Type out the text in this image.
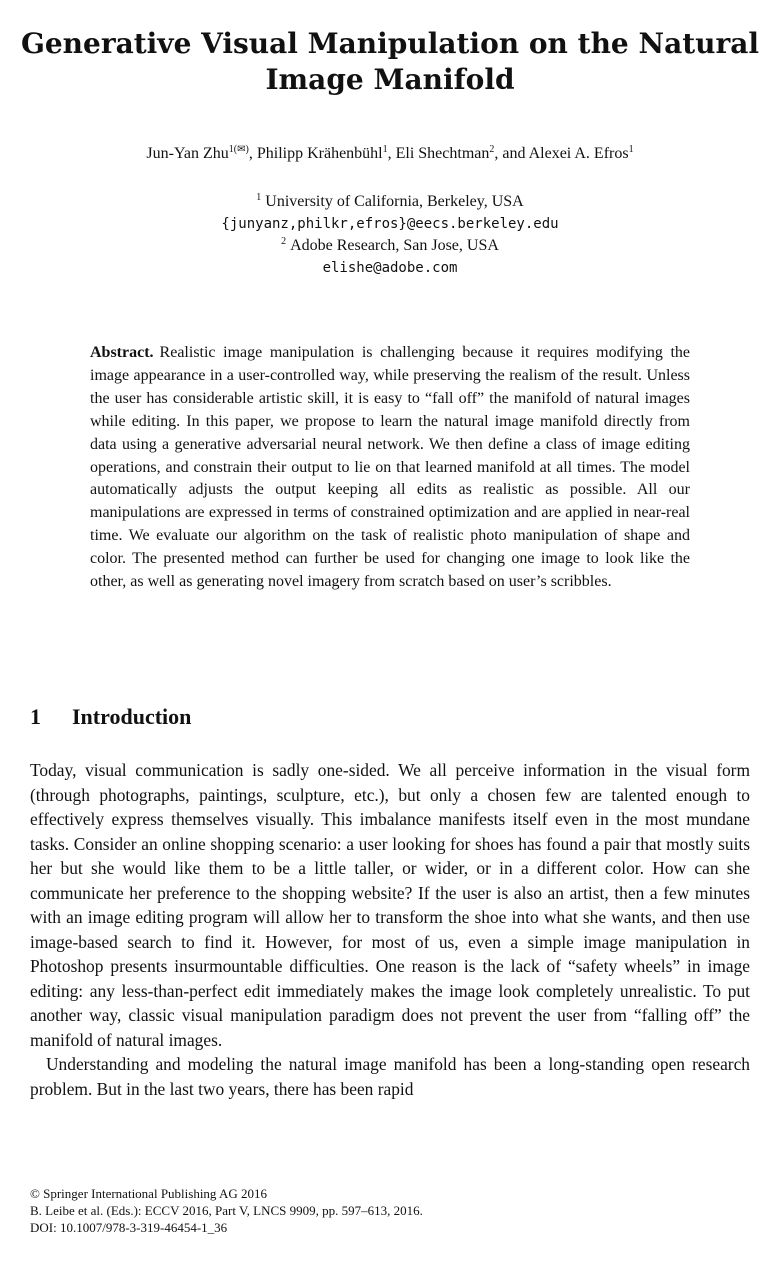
Generative Visual Manipulation on the Natural
Image Manifold
Jun-Yan Zhu$^{1(✉)}$, Philipp Krähenbühl$^1$, Eli Shechtman$^2$, and Alexei A. Efros$^1$
$^1$ University of California, Berkeley, USA
{junyanz,philkr,efros}@eecs.berkeley.edu
$^2$ Adobe Research, San Jose, USA
elishe@adobe.com
Abstract. Realistic image manipulation is challenging because it requires modifying the image appearance in a user-controlled way, while preserving the realism of the result. Unless the user has considerable artistic skill, it is easy to “fall off” the manifold of natural images while editing. In this paper, we propose to learn the natural image manifold directly from data using a generative adversarial neural network. We then define a class of image editing operations, and constrain their output to lie on that learned manifold at all times. The model automatically adjusts the output keeping all edits as realistic as possible. All our manipulations are expressed in terms of constrained optimization and are applied in near-real time. We evaluate our algorithm on the task of realistic photo manipulation of shape and color. The presented method can further be used for changing one image to look like the other, as well as generating novel imagery from scratch based on user’s scribbles.
1 Introduction

Today, visual communication is sadly one-sided. We all perceive information in the visual form (through photographs, paintings, sculpture, etc.), but only a chosen few are talented enough to effectively express themselves visually. This imbalance manifests itself even in the most mundane tasks. Consider an online shopping scenario: a user looking for shoes has found a pair that mostly suits her but she would like them to be a little taller, or wider, or in a different color. How can she communicate her preference to the shopping website? If the user is also an artist, then a few minutes with an image editing program will allow her to transform the shoe into what she wants, and then use image-based search to find it. However, for most of us, even a simple image manipulation in Photoshop presents insurmountable difficulties. One reason is the lack of “safety wheels” in image editing: any less-than-perfect edit immediately makes the image look completely unrealistic. To put another way, classic visual manipulation paradigm does not prevent the user from “falling off” the manifold of natural images.

Understanding and modeling the natural image manifold has been a long-standing open research problem. But in the last two years, there has been rapid

© Springer International Publishing AG 2016
B. Leibe et al. (Eds.): ECCV 2016, Part V, LNCS 9909, pp. 597–613, 2016.
DOI: 10.1007/978-3-319-46454-1_36
